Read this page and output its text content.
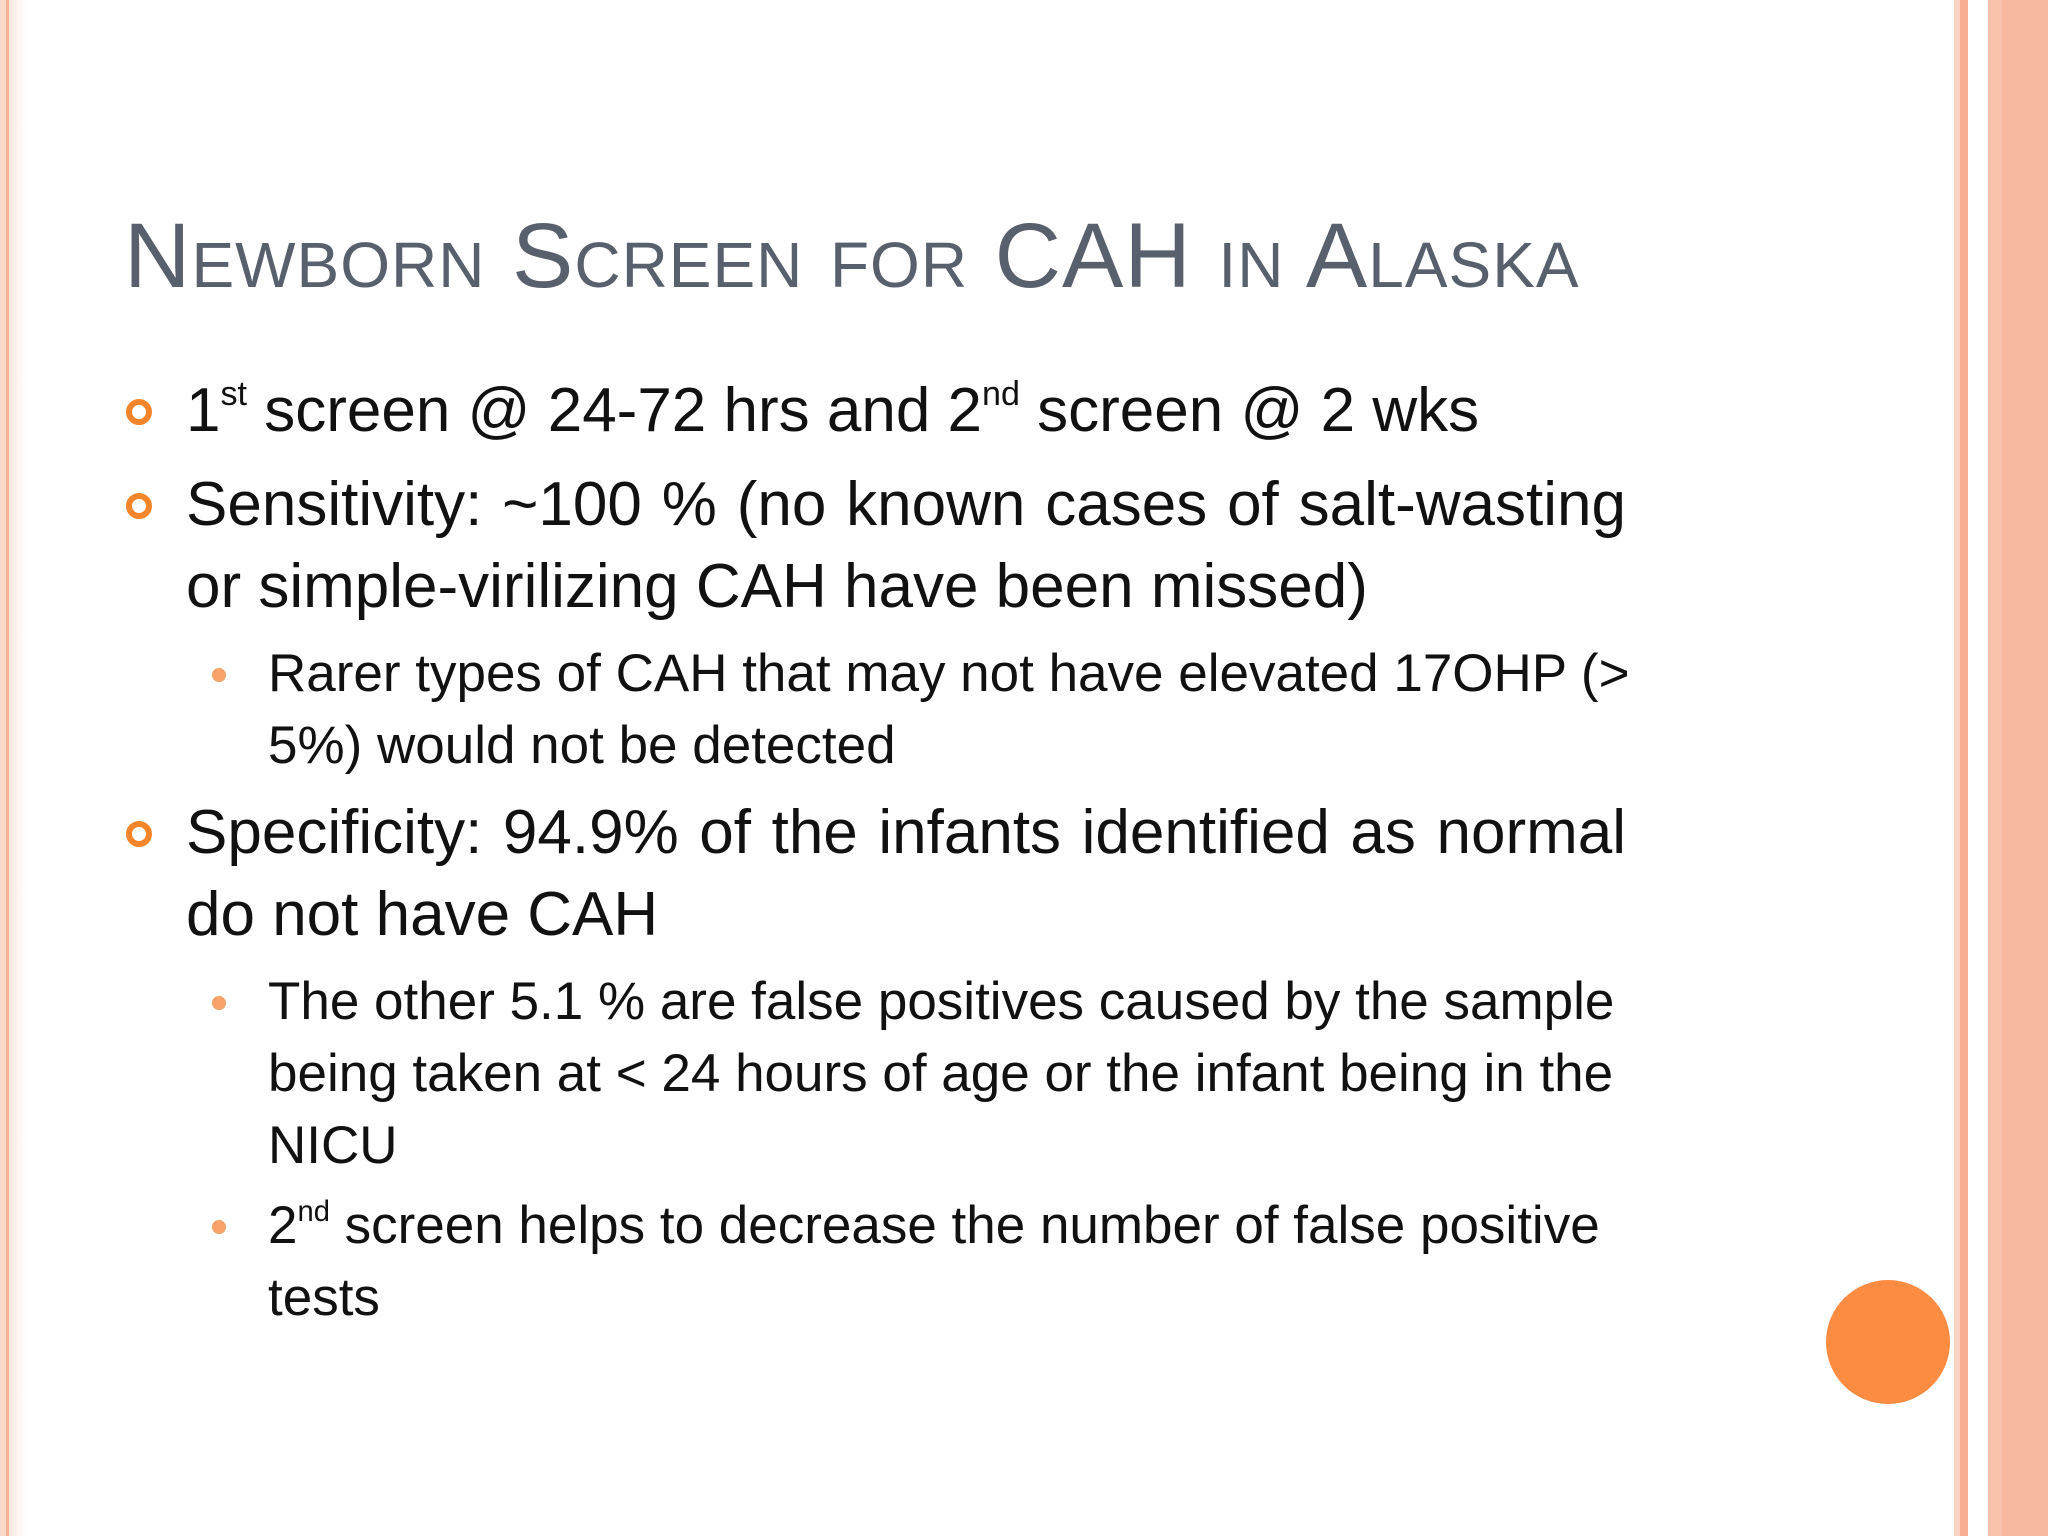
Newborn Screen for CAH in Alaska
1st screen @ 24-72 hrs and 2nd screen @ 2 wks
Sensitivity: ~100 % (no known cases of salt-wasting or simple-virilizing CAH have been missed)
Rarer types of CAH that may not have elevated 17OHP (> 5%) would not be detected
Specificity: 94.9% of the infants identified as normal do not have CAH
The other 5.1 % are false positives caused by the sample being taken at < 24 hours of age or the infant being in the NICU
2nd screen helps to decrease the number of false positive tests
